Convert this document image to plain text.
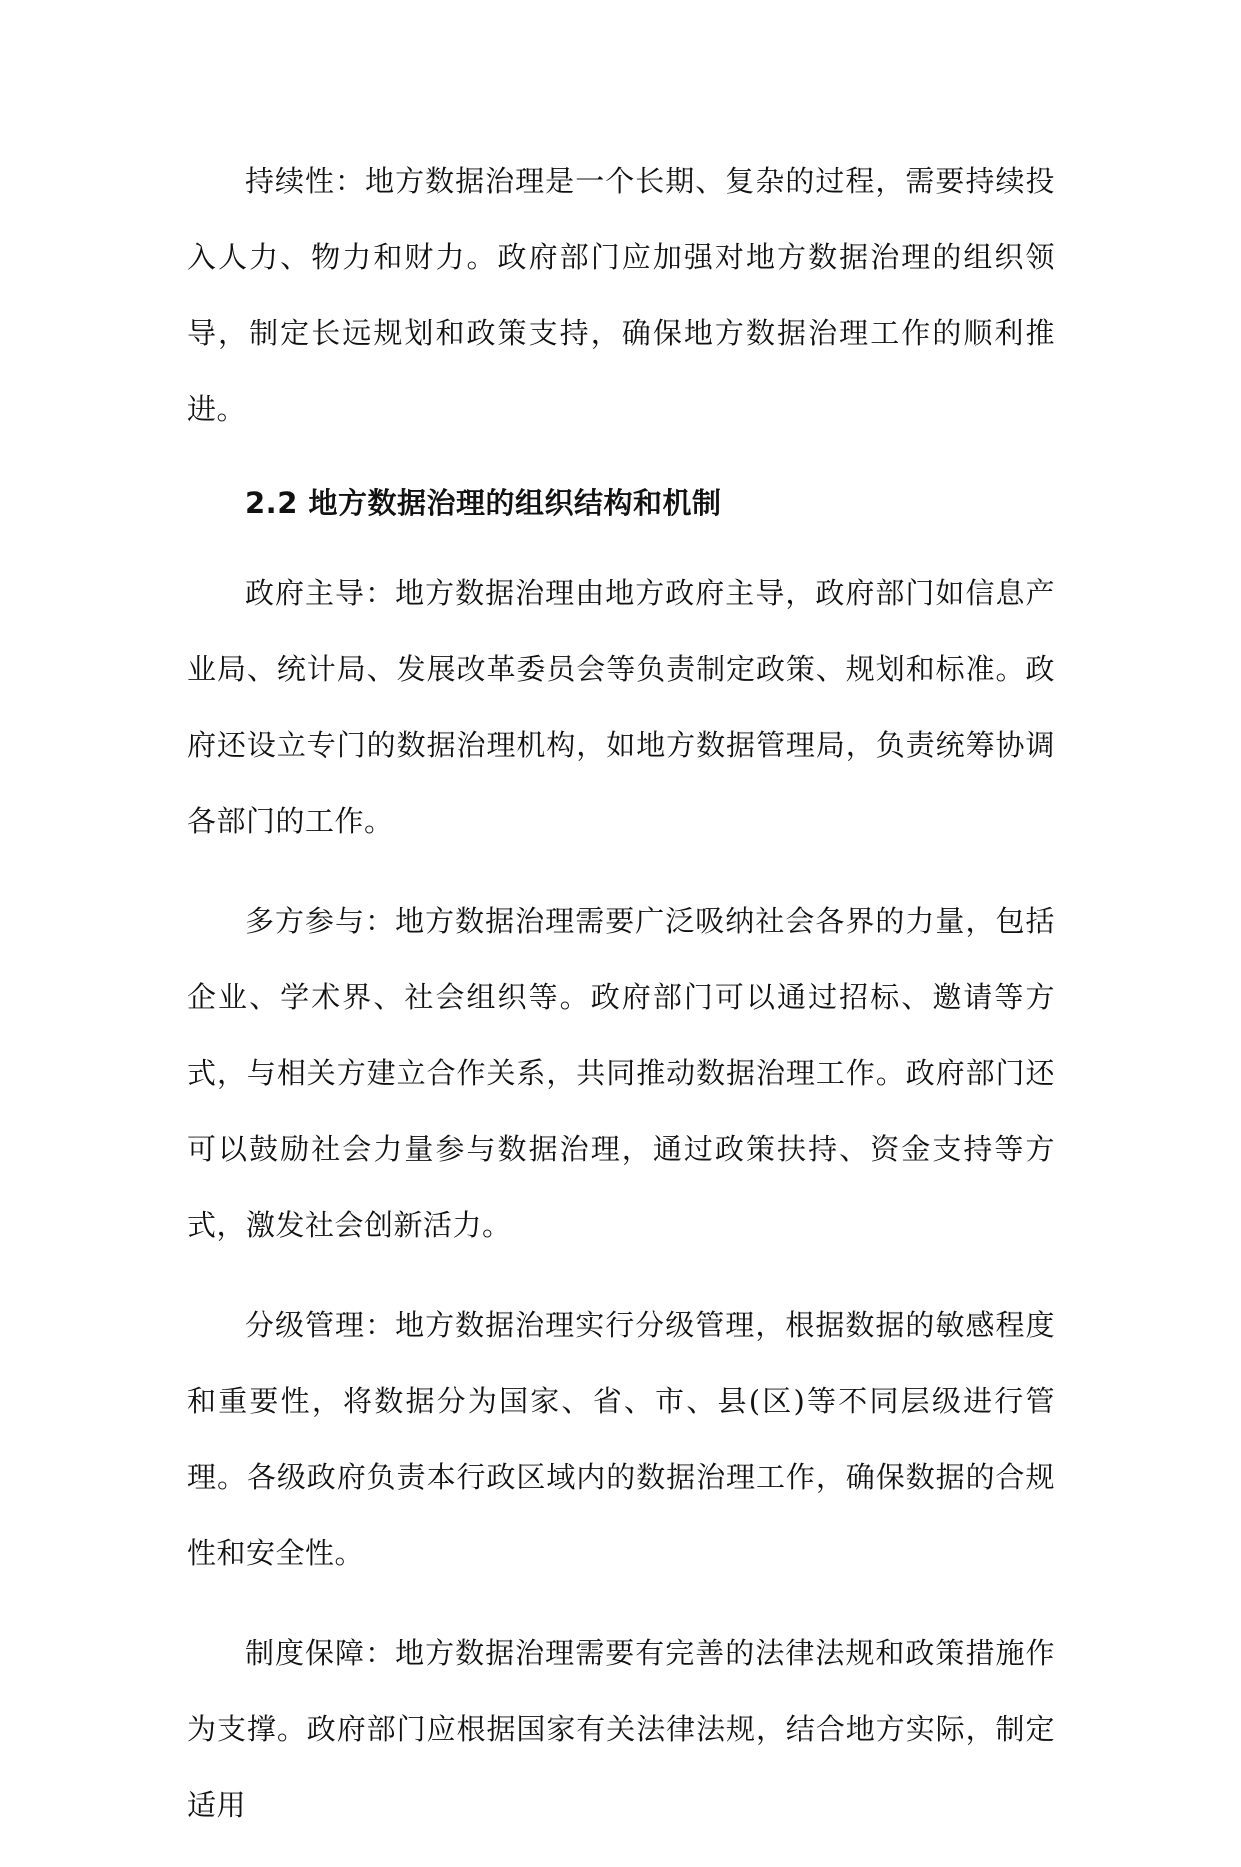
持续性：地方数据治理是一个长期、复杂的过程，需要持续投入人力、物力和财力。政府部门应加强对地方数据治理的组织领导，制定长远规划和政策支持，确保地方数据治理工作的顺利推进。

2.2 地方数据治理的组织结构和机制

政府主导：地方数据治理由地方政府主导，政府部门如信息产业局、统计局、发展改革委员会等负责制定政策、规划和标准。政府还设立专门的数据治理机构，如地方数据管理局，负责统筹协调各部门的工作。

多方参与：地方数据治理需要广泛吸纳社会各界的力量，包括企业、学术界、社会组织等。政府部门可以通过招标、邀请等方式，与相关方建立合作关系，共同推动数据治理工作。政府部门还可以鼓励社会力量参与数据治理，通过政策扶持、资金支持等方式，激发社会创新活力。

分级管理：地方数据治理实行分级管理，根据数据的敏感程度和重要性，将数据分为国家、省、市、县(区)等不同层级进行管理。各级政府负责本行政区域内的数据治理工作，确保数据的合规性和安全性。

制度保障：地方数据治理需要有完善的法律法规和政策措施作为支撑。政府部门应根据国家有关法律法规，结合地方实际，制定适用
